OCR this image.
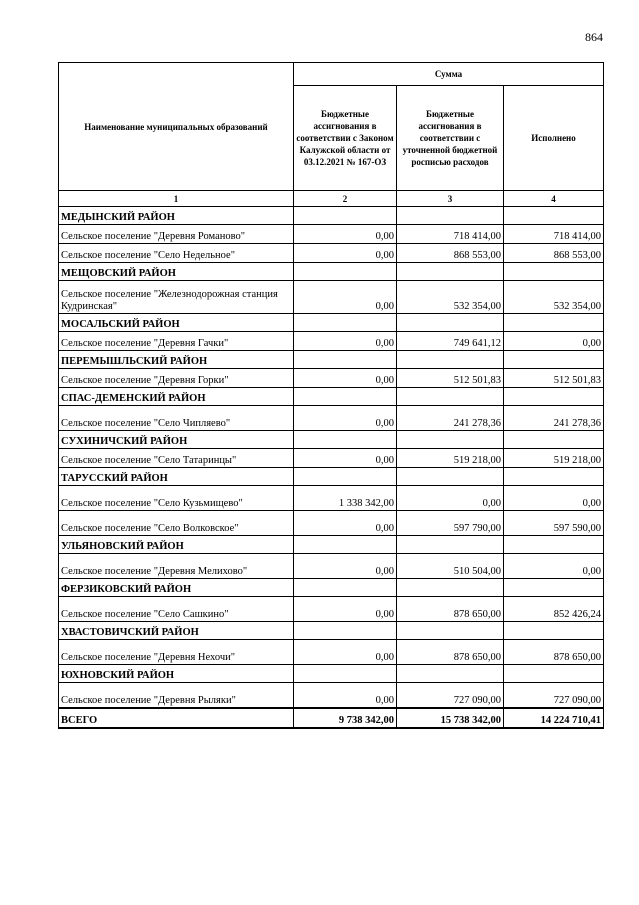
864
Наименование муниципальных образований	Сумма		
	Бюджетные ассигнования в соответствии с Законом Калужской области от 03.12.2021 № 167-ОЗ	Бюджетные ассигнования в соответствии с уточненной бюджетной росписью расходов	Исполнено
1	2	3	4
МЕДЫНСКИЙ РАЙОН			
Сельское поселение "Деревня Романово"	0,00	718 414,00	718 414,00
Сельское поселение "Село Недельное"	0,00	868 553,00	868 553,00
МЕЩОВСКИЙ РАЙОН			
Сельское поселение "Железнодорожная станция Кудринская"	0,00	532 354,00	532 354,00
МОСАЛЬСКИЙ РАЙОН			
Сельское поселение "Деревня Гачки"	0,00	749 641,12	0,00
ПЕРЕМЫШЛЬСКИЙ РАЙОН			
Сельское поселение "Деревня Горки"	0,00	512 501,83	512 501,83
СПАС-ДЕМЕНСКИЙ РАЙОН			
Сельское поселение "Село Чипляево"	0,00	241 278,36	241 278,36
СУХИНИЧСКИЙ РАЙОН			
Сельское поселение "Село Татаринцы"	0,00	519 218,00	519 218,00
ТАРУССКИЙ РАЙОН			
Сельское поселение "Село Кузьмищево"	1 338 342,00	0,00	0,00
Сельское поселение "Село Волковское"	0,00	597 790,00	597 590,00
УЛЬЯНОВСКИЙ РАЙОН			
Сельское поселение "Деревня Мелихово"	0,00	510 504,00	0,00
ФЕРЗИКОВСКИЙ РАЙОН			
Сельское поселение "Село Сашкино"	0,00	878 650,00	852 426,24
ХВАСТОВИЧСКИЙ РАЙОН			
Сельское поселение "Деревня Нехочи"	0,00	878 650,00	878 650,00
ЮХНОВСКИЙ РАЙОН			
Сельское поселение "Деревня Рыляки"	0,00	727 090,00	727 090,00
ВСЕГО	9 738 342,00	15 738 342,00	14 224 710,41
